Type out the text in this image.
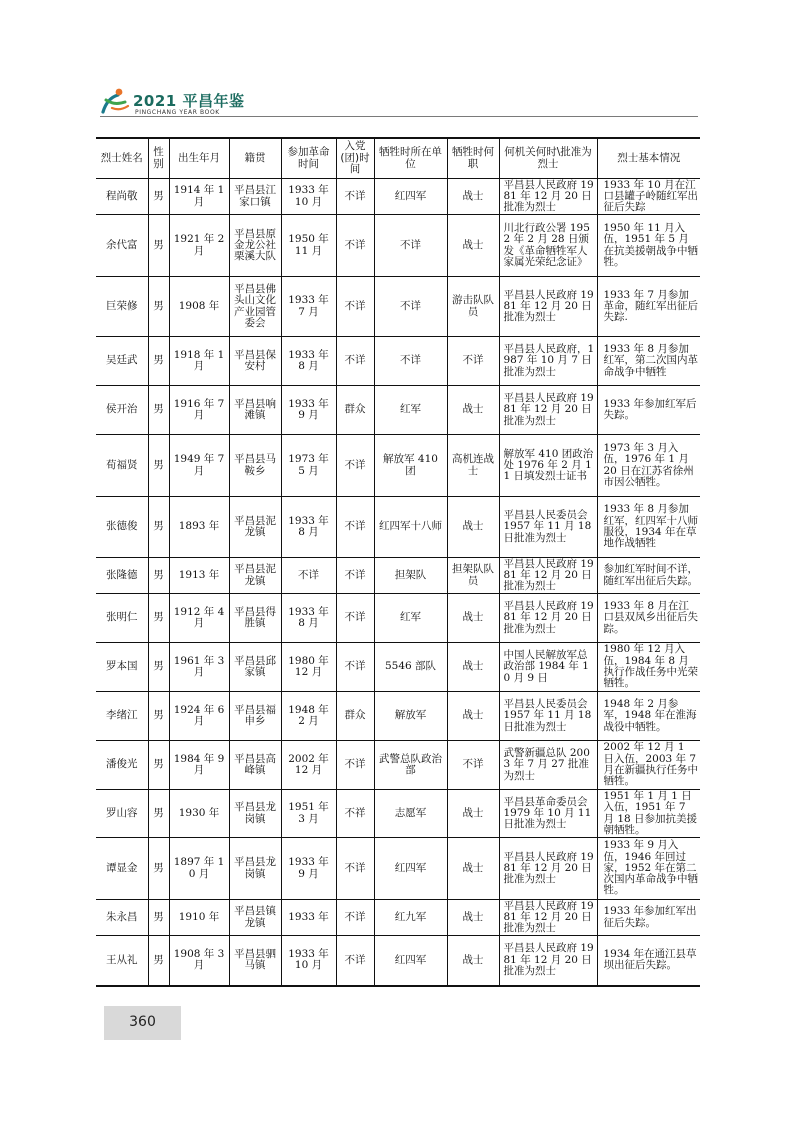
2021 平昌年鉴
PINGCHANG YEAR BOOK
烈士姓名	性别	出生年月	籍贯	参加革命时间	入党(团)时间	牺牲时所在单位	牺牲时何职	何机关何时\批准为烈士	烈士基本情况
程尚敬	男	1914 年 1 月	平昌县江家口镇	1933 年 10 月	不详	红四军	战士	平昌县人民政府 1981 年 12 月 20 日批准为烈士	1933 年 10 月在江口县罐子岭随红军出征后失踪
余代富	男	1921 年 2 月	平昌县原金龙公社栗溪大队	1950 年 11 月	不详	不详	战士	川北行政公署 1952 年 2 月 28 日颁发《革命牺牲军人家属光荣纪念证》	1950 年 11 月入伍，1951 年 5 月在抗美援朝战争中牺牲。
巨荣修	男	1908 年	平昌县佛头山文化产业园管委会	1933 年 7 月	不详	不详	游击队队员	平昌县人民政府 1981 年 12 月 20 日批准为烈士	1933 年 7 月参加革命，随红军出征后失踪.
吴廷武	男	1918 年 1 月	平昌县保安村	1933 年 8 月	不详	不详	不详	平昌县人民政府，1987 年 10 月 7 日批准为烈士	1933 年 8 月参加红军，第二次国内革命战争中牺牲
侯开治	男	1916 年 7 月	平昌县响滩镇	1933 年 9 月	群众	红军	战士	平昌县人民政府 1981 年 12 月 20 日批准为烈士	1933 年参加红军后失踪。
荀福贤	男	1949 年 7 月	平昌县马鞍乡	1973 年 5 月	不详	解放军 410 团	高机连战士	解放军 410 团政治处 1976 年 2 月 11 日填发烈士证书	1973 年 3 月入伍，1976 年 1 月 20 日在江苏省徐州市因公牺牲。
张德俊	男	1893 年	平昌县泥龙镇	1933 年 8 月	不详	红四军十八师	战士	平昌县人民委员会 1957 年 11 月 18 日批准为烈士	1933 年 8 月参加红军，红四军十八师服役，1934 年在草地作战牺牲
张隆德	男	1913 年	平昌县泥龙镇	不详	不详	担架队	担架队队员	平昌县人民政府 1981 年 12 月 20 日批准为烈士	参加红军时间不详，随红军出征后失踪。
张明仁	男	1912 年 4 月	平昌县得胜镇	1933 年 8 月	不详	红军	战士	平昌县人民政府 1981 年 12 月 20 日批准为烈士	1933 年 8 月在江口县双凤乡出征后失踪。
罗本国	男	1961 年 3 月	平昌县邱家镇	1980 年 12 月	不详	5546 部队	战士	中国人民解放军总政治部 1984 年 10 月 9 日	1980 年 12 月入伍，1984 年 8 月执行作战任务中光荣牺牲。
李绪江	男	1924 年 6 月	平昌县福申乡	1948 年 2 月	群众	解放军	战士	平昌县人民委员会 1957 年 11 月 18 日批准为烈士	1948 年 2 月参军，1948 年在淮海战役中牺牲。
潘俊光	男	1984 年 9 月	平昌县高峰镇	2002 年 12 月	不详	武警总队政治部	不详	武警新疆总队 2003 年 7 月 27 批准为烈士	2002 年 12 月 1 日入伍，2003 年 7 月在新疆执行任务中牺牲。
罗山容	男	1930 年	平昌县龙岗镇	1951 年 3 月	不祥	志愿军	战士	平昌县革命委员会 1979 年 10 月 11 日批准为烈士	1951 年 1 月 1 日入伍，1951 年 7 月 18 日参加抗美援朝牺牲。
谭显金	男	1897 年 10 月	平昌县龙岗镇	1933 年 9 月	不详	红四军	战士	平昌县人民政府 1981 年 12 月 20 日批准为烈士	1933 年 9 月入伍，1946 年回过家，1952 年在第二次国内革命战争中牺牲。
朱永昌	男	1910 年	平昌县镇龙镇	1933 年	不详	红九军	战士	平昌县人民政府 1981 年 12 月 20 日批准为烈士	1933 年参加红军出征后失踪。
王从礼	男	1908 年 3 月	平昌县驷马镇	1933 年 10 月	不详	红四军	战士	平昌县人民政府 1981 年 12 月 20 日批准为烈士	1934 年在通江县草坝出征后失踪。
360
